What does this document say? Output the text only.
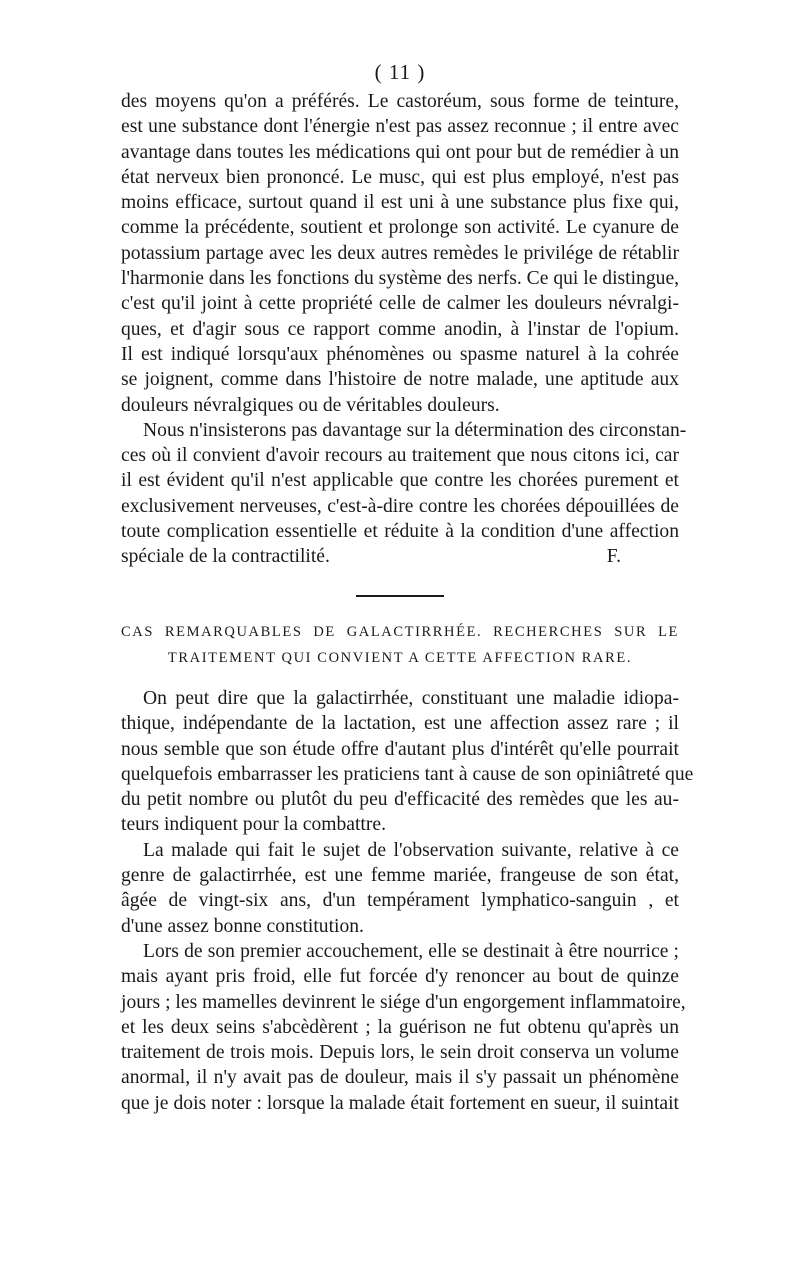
( 11 )
des moyens qu'on a préférés. Le castoréum, sous forme de teinture,
est une substance dont l'énergie n'est pas assez reconnue ; il entre avec
avantage dans toutes les médications qui ont pour but de remédier à un
état nerveux bien prononcé. Le musc, qui est plus employé, n'est pas
moins efficace, surtout quand il est uni à une substance plus fixe qui,
comme la précédente, soutient et prolonge son activité. Le cyanure de
potassium partage avec les deux autres remèdes le privilége de rétablir
l'harmonie dans les fonctions du système des nerfs. Ce qui le distingue,
c'est qu'il joint à cette propriété celle de calmer les douleurs névralgi-
ques, et d'agir sous ce rapport comme anodin, à l'instar de l'opium.
Il est indiqué lorsqu'aux phénomènes ou spasme naturel à la cohrée
se joignent, comme dans l'histoire de notre malade, une aptitude aux
douleurs névralgiques ou de véritables douleurs.
Nous n'insisterons pas davantage sur la détermination des circonstan-
ces où il convient d'avoir recours au traitement que nous citons ici, car
il est évident qu'il n'est applicable que contre les chorées purement et
exclusivement nerveuses, c'est-à-dire contre les chorées dépouillées de
toute complication essentielle et réduite à la condition d'une affection
spéciale de la contractilité.	F.
CAS REMARQUABLES DE GALACTIRRHÉE. RECHERCHES SUR LE
TRAITEMENT QUI CONVIENT A CETTE AFFECTION RARE.
On peut dire que la galactirrhée, constituant une maladie idiopa-
thique, indépendante de la lactation, est une affection assez rare ; il
nous semble que son étude offre d'autant plus d'intérêt qu'elle pourrait
quelquefois embarrasser les praticiens tant à cause de son opiniâtreté que
du petit nombre ou plutôt du peu d'efficacité des remèdes que les au-
teurs indiquent pour la combattre.
La malade qui fait le sujet de l'observation suivante, relative à ce
genre de galactirrhée, est une femme mariée, frangeuse de son état,
âgée de vingt-six ans, d'un tempérament lymphatico-sanguin , et
d'une assez bonne constitution.
Lors de son premier accouchement, elle se destinait à être nourrice ;
mais ayant pris froid, elle fut forcée d'y renoncer au bout de quinze
jours ; les mamelles devinrent le siége d'un engorgement inflammatoire,
et les deux seins s'abcèdèrent ; la guérison ne fut obtenu qu'après un
traitement de trois mois. Depuis lors, le sein droit conserva un volume
anormal, il n'y avait pas de douleur, mais il s'y passait un phénomène
que je dois noter : lorsque la malade était fortement en sueur, il suintait
